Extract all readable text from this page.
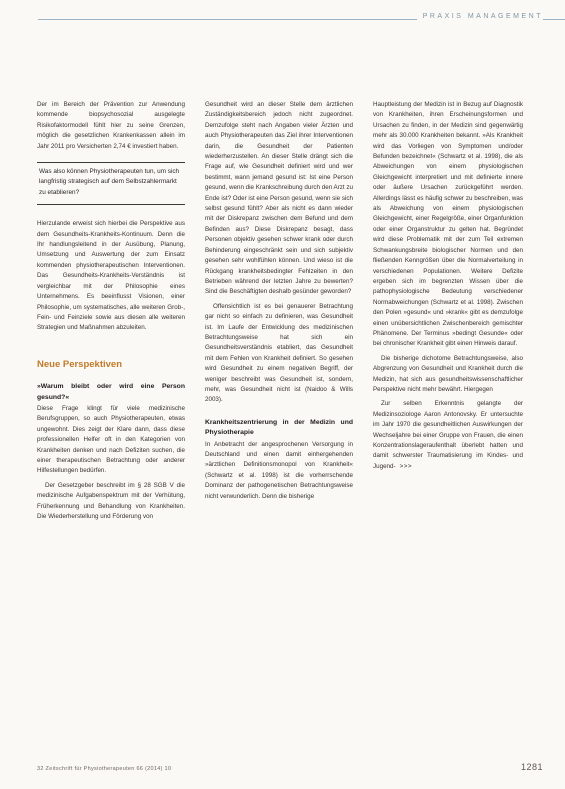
PRAXIS MANAGEMENT

Der im Bereich der Prävention zur Anwendung kommende biopsychosozial ausgelegte Risikofaktormodell fühlt hier zu seine Grenzen, möglich die gesetzlichen Krankenkassen allein im Jahr 2011 pro Versicherten 2,74 € investiert haben.

Was also können Physiotherapeuten tun, um sich langfristig strategisch auf dem Selbstzahlermarkt zu etablieren?

Hierzulande erweist sich hierbei die Perspektive aus dem Gesundheits-Krankheits-Kontinuum. Denn die Ihr handlungsleitend in der Ausübung, Planung, Umsetzung und Auswertung der zum Einsatz kommenden physiotherapeutischen Interventionen. Das Gesundheits-Krankheits-Verständnis ist vergleichbar mit der Philosophie eines Unternehmens. Es beeinflusst Visionen, einer Philosophie, um systematisches, alle weiteren Grob-, Fein- und Feinziele sowie aus diesen alle weiteren Strategien und Maßnahmen abzuleiten.

Neue Perspektiven
»Warum bleibt oder wird eine Person gesund?«

Diese Frage klingt für viele medizinische Berufsgruppen, so auch Physiotherapeuten, etwas ungewohnt. Dies zeigt der Klare dann, dass diese professionellen Helfer oft in den Kategorien von Krankheiten denken und nach Defiziten suchen, die einer therapeutischen Betrachtung oder anderer Hilfestellungen bedürfen.

Der Gesetzgeber beschreibt im § 28 SGB V die medizinische Aufgabenspektrum mit der Verhütung, Früherkennung und Behandlung von Krankheiten. Die Wiederherstellung und Förderung von

Gesundheit wird an dieser Stelle dem ärztlichen Zuständigkeitsbereich jedoch nicht zugeordnet. Demzufolge steht nach Angaben vieler Ärzten und auch Physiotherapeuten das Ziel ihrer Interventionen darin, die Gesundheit der Patienten wiederherzustellen. An dieser Stelle drängt sich die Frage auf, wie Gesundheit definiert wird und wer bestimmt, wann jemand gesund ist: Ist eine Person gesund, wenn die Krankschreibung durch den Arzt zu Ende ist? Oder ist eine Person gesund, wenn sie sich selbst gesund fühlt? Aber als nicht es dann wieder mit der Diskrepanz zwischen dem Befund und dem Befinden aus? Diese Diskrepanz besagt, dass Personen objektiv gesehen schwer krank oder durch Behinderung eingeschränkt sein und sich subjektiv gesehen sehr wohlfühlen können. Und wieso ist die Rückgang krankheitsbedingter Fehlzeiten in den Betrieben während der letzten Jahre zu bewerten? Sind die Beschäftigten deshalb gesünder geworden?

Offensichtlich ist es bei genauerer Betrachtung gar nicht so einfach zu definieren, was Gesundheit ist. Im Laufe der Entwicklung des medizinischen Betrachtungsweise hat sich ein Gesundheitsverständnis etabliert, das Gesundheit mit dem Fehlen von Krankheit definiert. So gesehen wird Gesundheit zu einem negativen Begriff, der weniger beschreibt was Gesundheit ist, sondern, mehr, was Gesundheit nicht ist (Naidoo & Wills 2003).

Krankheitszentrierung in der Medizin und Physiotherapie

In Anbetracht der angesprochenen Versorgung in Deutschland und einen damit einhergehenden »ärztlichen Definitionsmonopol von Krankheit« (Schwartz et al. 1998) ist die vorherrschende Dominanz der pathogenetischen Betrachtungsweise nicht verwunderlich. Denn die bisherige

Hauptleistung der Medizin ist in Bezug auf Diagnostik von Krankheiten, ihren Erscheinungsformen und Ursachen zu finden, in der Medizin sind gegenwärtig mehr als 30.000 Krankheiten bekannt. »Als Krankheit wird das Vorliegen von Symptomen und/oder Befunden bezeichnet« (Schwartz et al. 1998), die als Abweichungen von einem physiologischen Gleichgewicht interpretiert und mit definierte innere oder äußere Ursachen zurückgeführt werden. Allerdings lässt es häufig schwer zu beschreiben, was als Abweichung von einem physiologischen Gleichgewicht, einer Regelgröße, einer Organfunktion oder einer Organstruktur zu gelten hat. Begründet wird diese Problematik mit der zum Teil extremen Schwankungsbreite biologischer Normen und den fließenden Kenngrößen über die Normalverteilung in verschiedenen Populationen. Weitere Defizite ergeben sich im begrenzten Wissen über die pathophysiologische Bedeutung verschiedener Normabweichungen (Schwartz et al. 1998). Zwischen den Polen »gesund« und »krank« gibt es demzufolge einen unübersichtlichen Zwischenbereich gemischter Phänomene. Der Terminus »bedingt Gesunde« oder bei chronischer Krankheit gibt einen Hinweis darauf.

Die bisherige dichotome Betrachtungsweise, also Abgrenzung von Gesundheit und Krankheit durch die Medizin, hat sich aus gesundheitswissenschaftlicher Perspektive nicht mehr bewährt. Hiergegen

Zur selben Erkenntnis gelangte der Medizinsoziologe Aaron Antonovsky. Er untersuchte im Jahr 1970 die gesundheitlichen Auswirkungen der Wechseljahre bei einer Gruppe von Frauen, die einen Konzentrationslageraufenthalt überlebt hatten und damit schwerster Traumatisierung im Kindes- und Jugend- >>>

32 Zeitschrift für Physiotherapeuten 66 (2014) 10	1281
